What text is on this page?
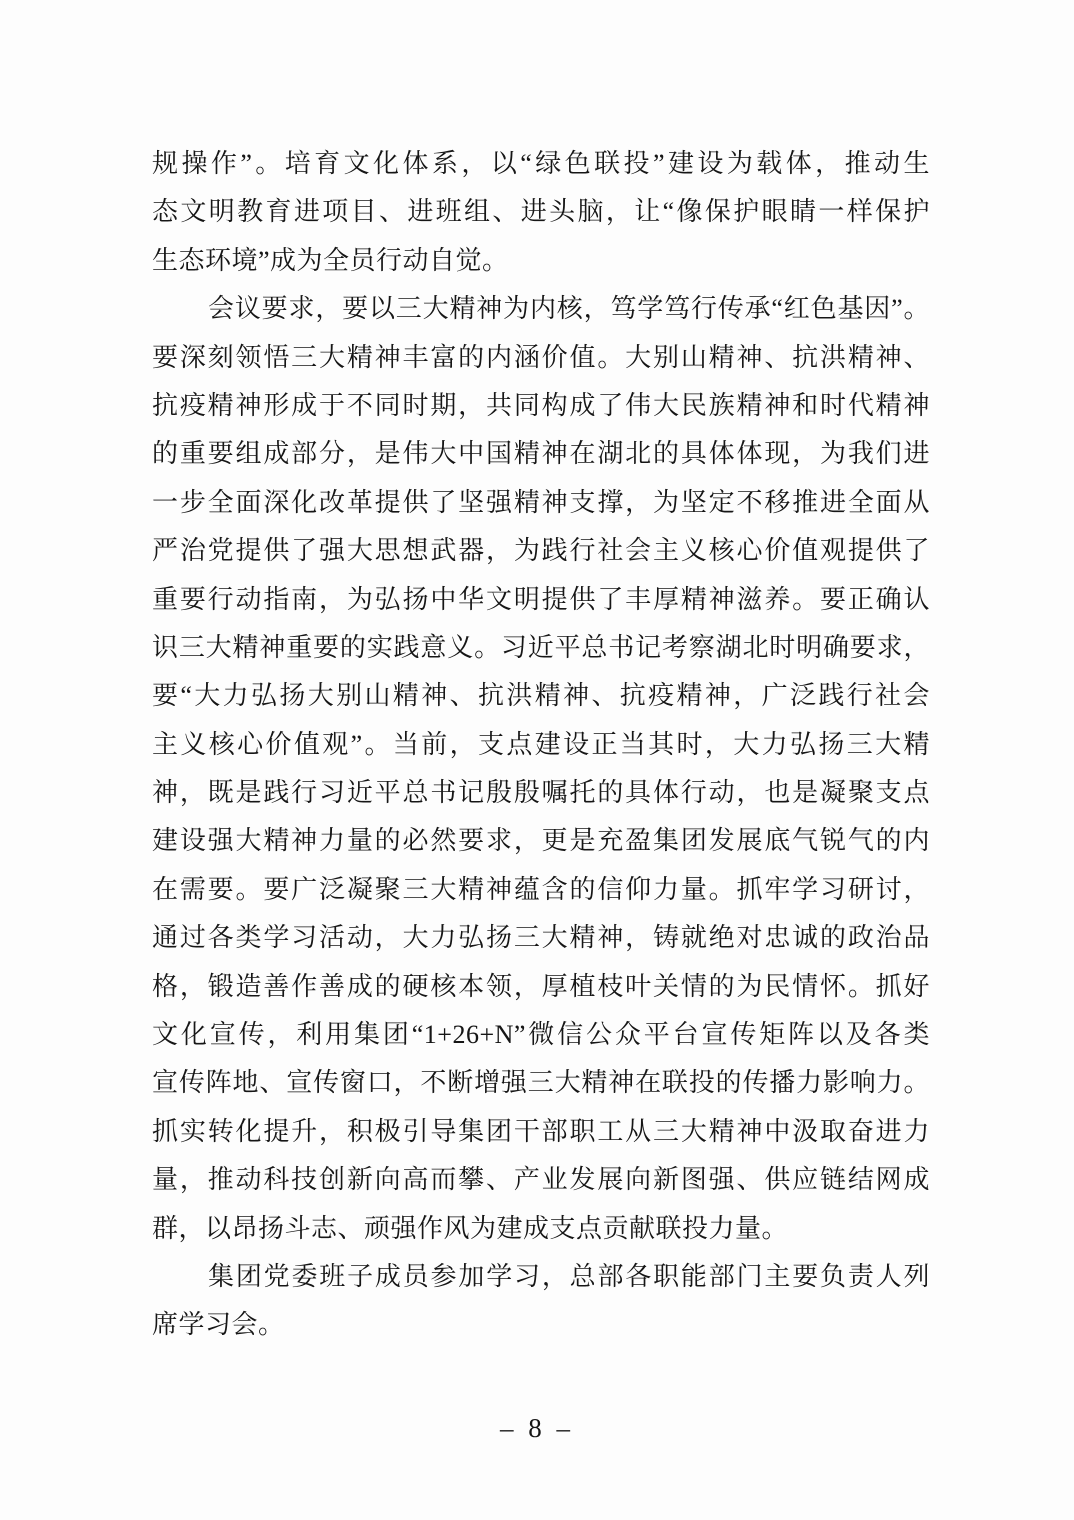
规操作”。培育文化体系，以“绿色联投”建设为载体，推动生
态文明教育进项目、进班组、进头脑，让“像保护眼睛一样保护
生态环境”成为全员行动自觉。
会议要求，要以三大精神为内核，笃学笃行传承“红色基因”。
要深刻领悟三大精神丰富的内涵价值。大别山精神、抗洪精神、
抗疫精神形成于不同时期，共同构成了伟大民族精神和时代精神
的重要组成部分，是伟大中国精神在湖北的具体体现，为我们进
一步全面深化改革提供了坚强精神支撑，为坚定不移推进全面从
严治党提供了强大思想武器，为践行社会主义核心价值观提供了
重要行动指南，为弘扬中华文明提供了丰厚精神滋养。要正确认
识三大精神重要的实践意义。习近平总书记考察湖北时明确要求，
要“大力弘扬大别山精神、抗洪精神、抗疫精神，广泛践行社会
主义核心价值观”。当前，支点建设正当其时，大力弘扬三大精
神，既是践行习近平总书记殷殷嘱托的具体行动，也是凝聚支点
建设强大精神力量的必然要求，更是充盈集团发展底气锐气的内
在需要。要广泛凝聚三大精神蕴含的信仰力量。抓牢学习研讨，
通过各类学习活动，大力弘扬三大精神，铸就绝对忠诚的政治品
格，锻造善作善成的硬核本领，厚植枝叶关情的为民情怀。抓好
文化宣传，利用集团“1+26+N”微信公众平台宣传矩阵以及各类
宣传阵地、宣传窗口，不断增强三大精神在联投的传播力影响力。
抓实转化提升，积极引导集团干部职工从三大精神中汲取奋进力
量，推动科技创新向高而攀、产业发展向新图强、供应链结网成
群，以昂扬斗志、顽强作风为建成支点贡献联投力量。
集团党委班子成员参加学习，总部各职能部门主要负责人列
席学习会。
– 8 –
